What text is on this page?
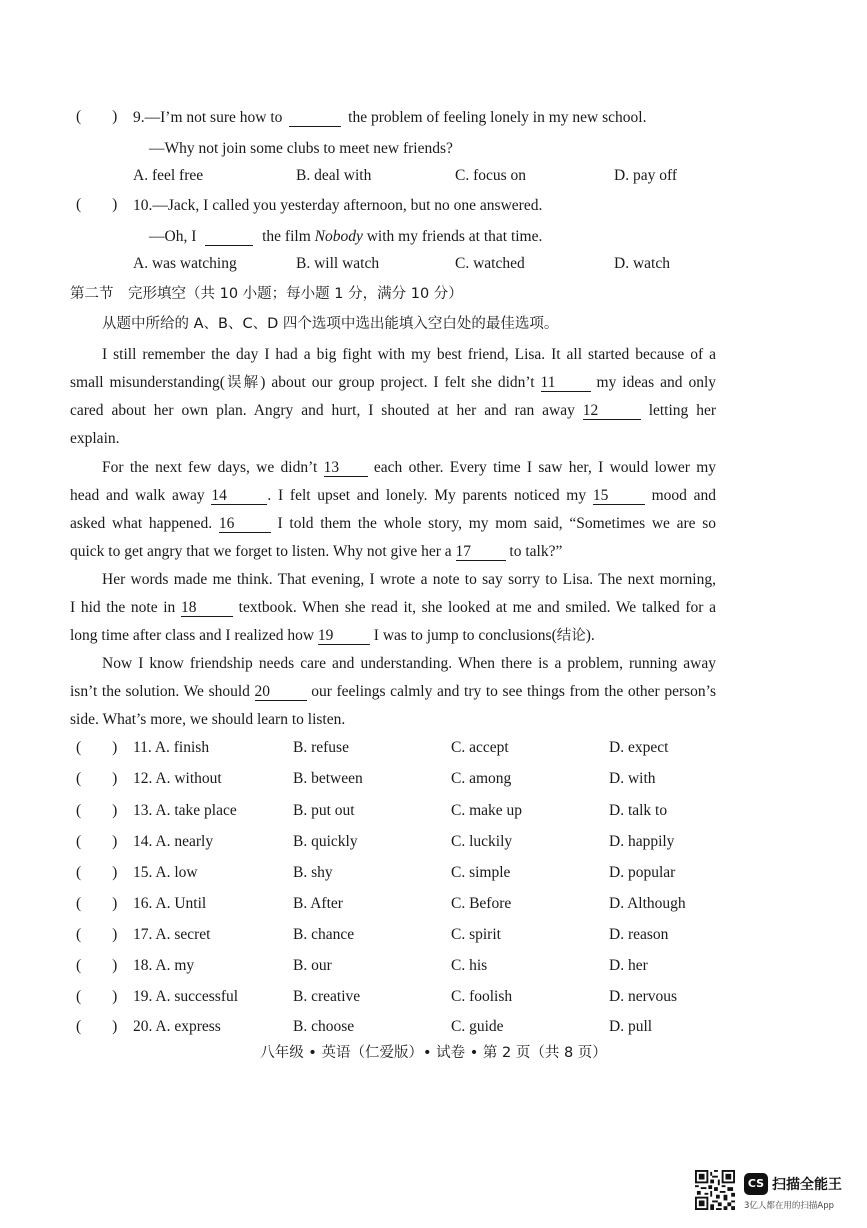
(        ) 9.—I’m not sure how to	the problem of feeling lonely in my new school.
—Why not join some clubs to meet new friends?
A. feel free	B. deal with	C. focus on	D. pay off
(        ) 10.—Jack, I called you yesterday afternoon, but no one answered.
—Oh, I	the film Nobody with my friends at that time.
A. was watching	B. will watch	C. watched	D. watch
第二节　完形填空（共 10 小题；每小题 1 分，满分 10 分）
从题中所给的 A、B、C、D 四个选项中选出能填入空白处的最佳选项。
I still remember the day I had a big fight with my best friend, Lisa. It all started because of a
small misunderstanding(误解) about our group project. I felt she didn’t 11	my ideas and only
cared about her own plan. Angry and hurt, I shouted at her and ran away 12	letting her
explain.
For the next few days, we didn’t 13 each other. Every time I saw her, I would lower my
head and walk away 14	. I felt upset and lonely. My parents noticed my 15	mood and
asked what happened. 16	I told them the whole story, my mom said, “Sometimes we are so
quick to get angry that we forget to listen. Why not give her a 17 to talk?”
Her words made me think. That evening, I wrote a note to say sorry to Lisa. The next morning,
I hid the note in 18	textbook. When she read it, she looked at me and smiled. We talked for a
long time after class and I realized how 19	I was to jump to conclusions(结论).
Now I know friendship needs care and understanding. When there is a problem, running away
isn’t the solution. We should 20	our feelings calmly and try to see things from the other person’s
side. What’s more, we should learn to listen.
(        ) 11. A. finish	B. refuse	C. accept	D. expect
(        ) 12. A. without	B. between	C. among	D. with
(        ) 13. A. take place	B. put out	C. make up	D. talk to
(        ) 14. A. nearly	B. quickly	C. luckily	D. happily
(        ) 15. A. low	B. shy	C. simple	D. popular
(        ) 16. A. Until	B. After	C. Before	D. Although
(        ) 17. A. secret	B. chance	C. spirit	D. reason
(        ) 18. A. my	B. our	C. his	D. her
(        ) 19. A. successful	B. creative	C. foolish	D. nervous
(        ) 20. A. express	B. choose	C. guide	D. pull
八年级 • 英语（仁爱版）• 试卷 • 第 2 页（共 8 页）
CS 扫描全能王
3亿人都在用的扫描App
